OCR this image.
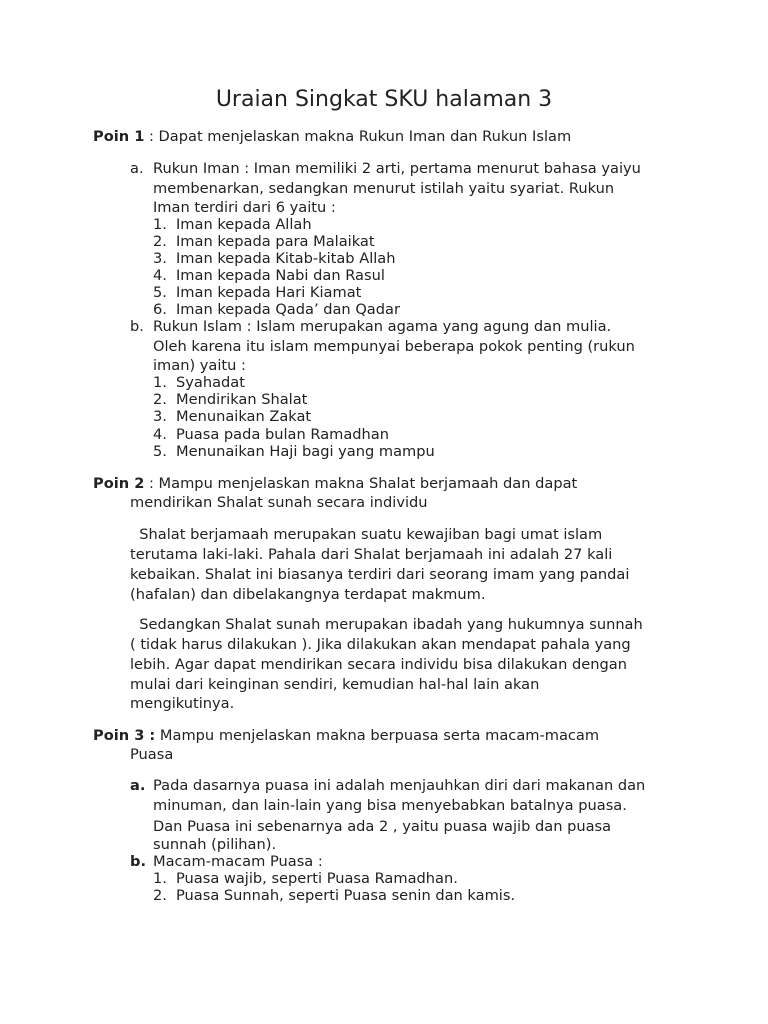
Uraian Singkat SKU halaman 3
Poin 1 : Dapat menjelaskan makna Rukun Iman dan Rukun Islam
a. Rukun Iman : Iman memiliki 2 arti, pertama menurut bahasa yaiyu
membenarkan, sedangkan menurut istilah yaitu syariat. Rukun
Iman terdiri dari 6 yaitu :
1. Iman kepada Allah
2. Iman kepada para Malaikat
3. Iman kepada Kitab-kitab Allah
4. Iman kepada Nabi dan Rasul
5. Iman kepada Hari Kiamat
6. Iman kepada Qada’ dan Qadar
b. Rukun Islam : Islam merupakan agama yang agung dan mulia.
Oleh karena itu islam mempunyai beberapa pokok penting (rukun
iman) yaitu :
1. Syahadat
2. Mendirikan Shalat
3. Menunaikan Zakat
4. Puasa pada bulan Ramadhan
5. Menunaikan Haji bagi yang mampu
Poin 2 : Mampu menjelaskan makna Shalat berjamaah dan dapat
mendirikan Shalat sunah secara individu
Shalat berjamaah merupakan suatu kewajiban bagi umat islam
terutama laki-laki. Pahala dari Shalat berjamaah ini adalah 27 kali
kebaikan. Shalat ini biasanya terdiri dari seorang imam yang pandai
(hafalan) dan dibelakangnya terdapat makmum.
Sedangkan Shalat sunah merupakan ibadah yang hukumnya sunnah
( tidak harus dilakukan ). Jika dilakukan akan mendapat pahala yang
lebih. Agar dapat mendirikan secara individu bisa dilakukan dengan
mulai dari keinginan sendiri, kemudian hal-hal lain akan
mengikutinya.
Poin 3 : Mampu menjelaskan makna berpuasa serta macam-macam
Puasa
a. Pada dasarnya puasa ini adalah menjauhkan diri dari makanan dan
minuman, dan lain-lain yang bisa menyebabkan batalnya puasa.
Dan Puasa ini sebenarnya ada 2 , yaitu puasa wajib dan puasa
sunnah (pilihan).
b. Macam-macam Puasa :
1. Puasa wajib, seperti Puasa Ramadhan.
2. Puasa Sunnah, seperti Puasa senin dan kamis.
